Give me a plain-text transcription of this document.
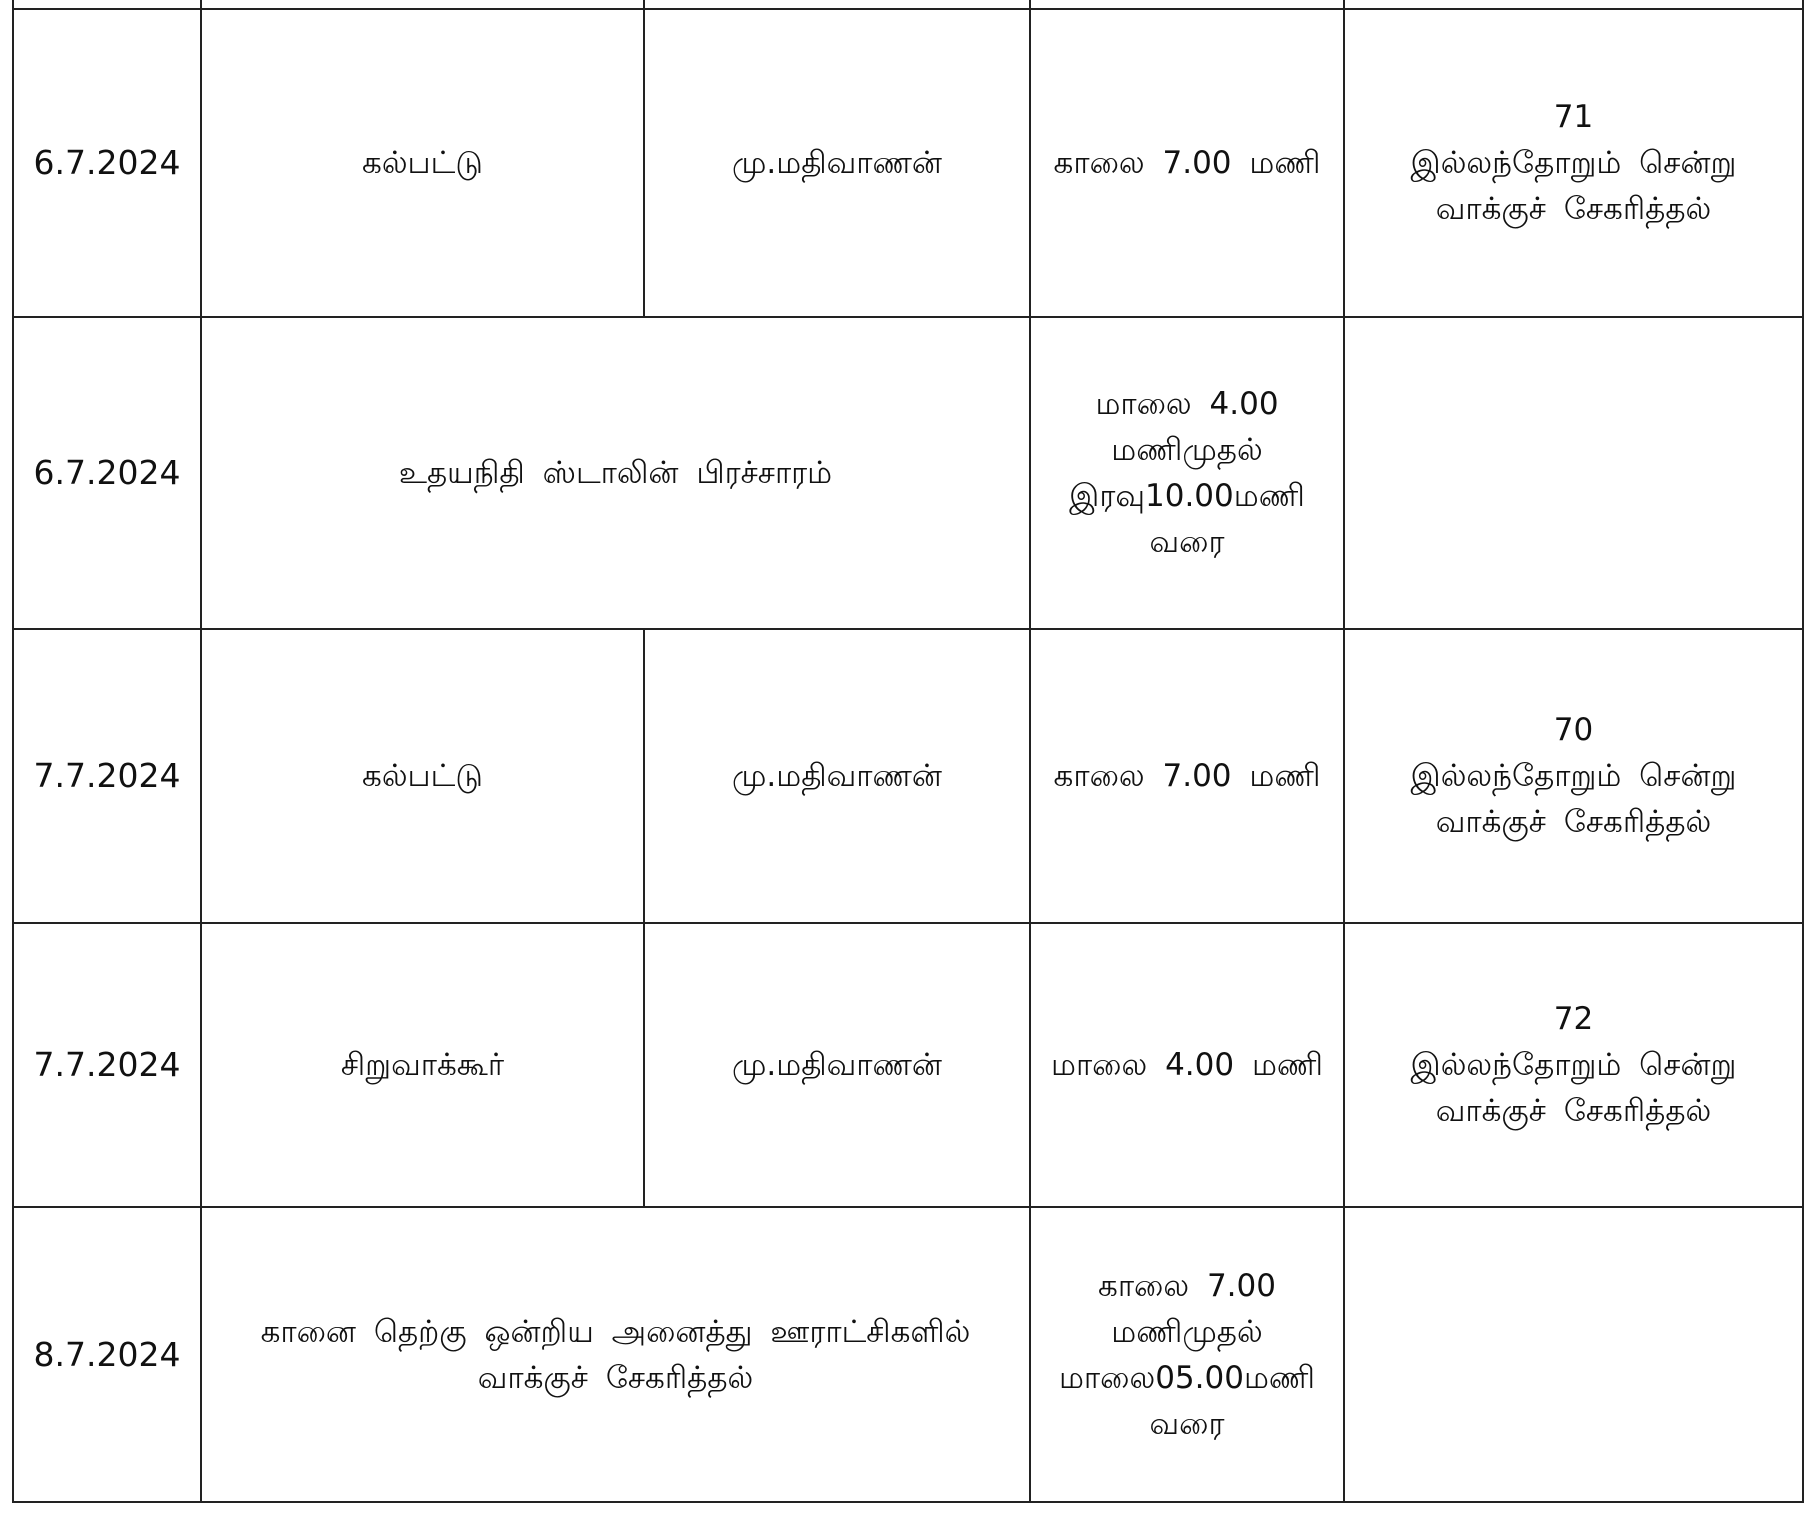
6.7.2024	கல்பட்டு	மு.மதிவாணன்	காலை 7.00 மணி	71
இல்லந்தோறும் சென்று
வாக்குச் சேகரித்தல்

6.7.2024	உதயநிதி ஸ்டாலின் பிரச்சாரம்		மாலை 4.00
மணிமுதல்
இரவு10.00மணி
வரை	

7.7.2024	கல்பட்டு	மு.மதிவாணன்	காலை 7.00 மணி	70
இல்லந்தோறும் சென்று
வாக்குச் சேகரித்தல்

7.7.2024	சிறுவாக்கூர்	மு.மதிவாணன்	மாலை 4.00 மணி	72
இல்லந்தோறும் சென்று
வாக்குச் சேகரித்தல்

8.7.2024	கானை தெற்கு ஒன்றிய அனைத்து ஊராட்சிகளில்
வாக்குச் சேகரித்தல்		காலை 7.00
மணிமுதல்
மாலை05.00மணி
வரை	
